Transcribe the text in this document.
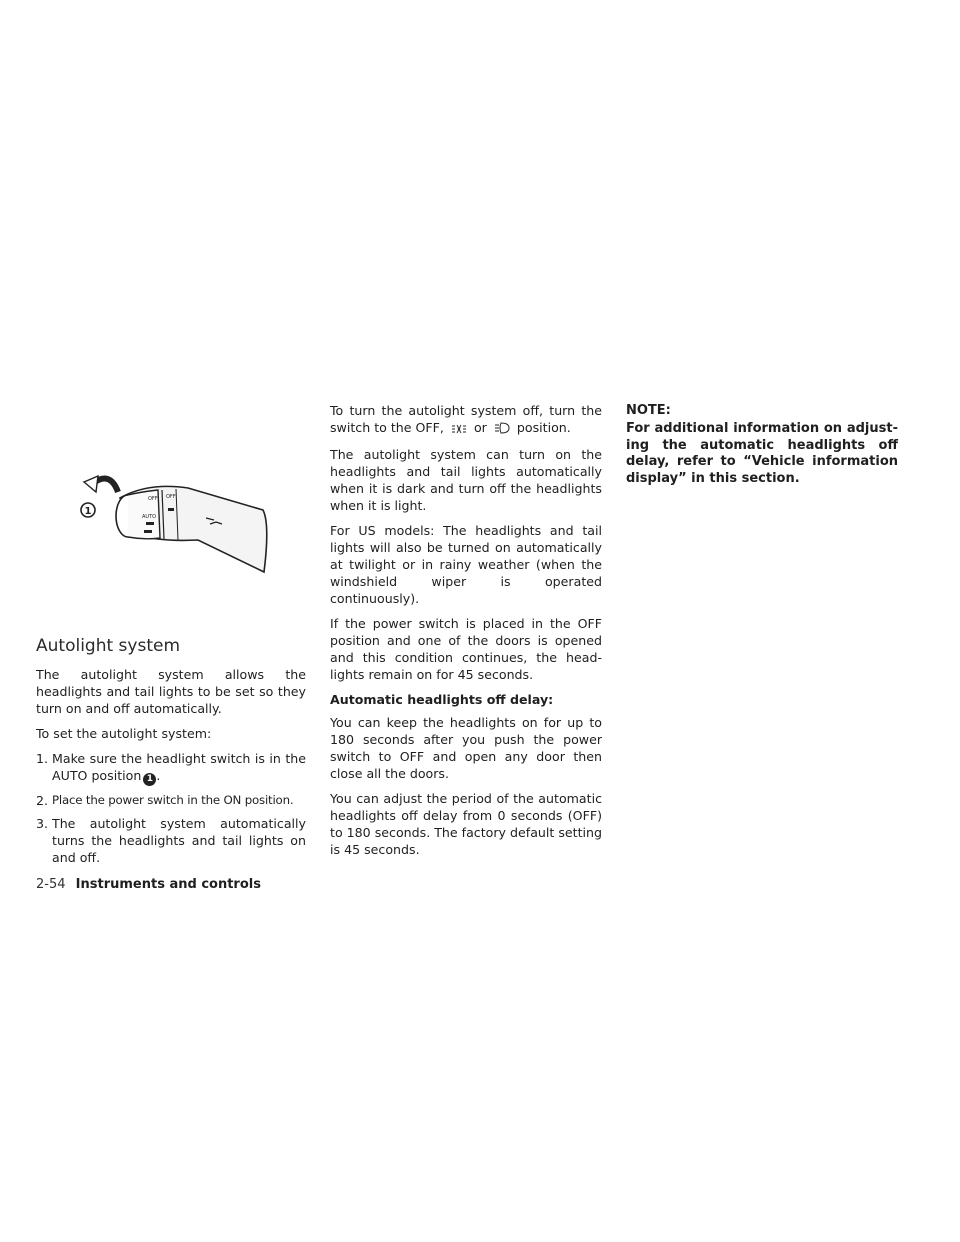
OFF
AUTO
OFF
1
Autolight system

The autolight system allows the headlights and tail lights to be set so they turn on and off automatically.

To set the autolight system:

1. Make sure the headlight switch is in the AUTO position 1 .
2. Place the power switch in the ON position.
3. The autolight system automatically turns the headlights and tail lights on and off.

To turn the autolight system off, turn the switch to the OFF, or position.

The autolight system can turn on the headlights and tail lights automatically when it is dark and turn off the headlights when it is light.

For US models: The headlights and tail lights will also be turned on automatically at twilight or in rainy weather (when the windshield wiper is operated continuously).

If the power switch is placed in the OFF position and one of the doors is opened and this condition continues, the head-lights remain on for 45 seconds.

Automatic headlights off delay:

You can keep the headlights on for up to 180 seconds after you push the power switch to OFF and open any door then close all the doors.

You can adjust the period of the automatic headlights off delay from 0 seconds (OFF) to 180 seconds. The factory default setting is 45 seconds.

NOTE:

For additional information on adjust-ing the automatic headlights off delay, refer to “Vehicle information display” in this section.

2-54 Instruments and controls
